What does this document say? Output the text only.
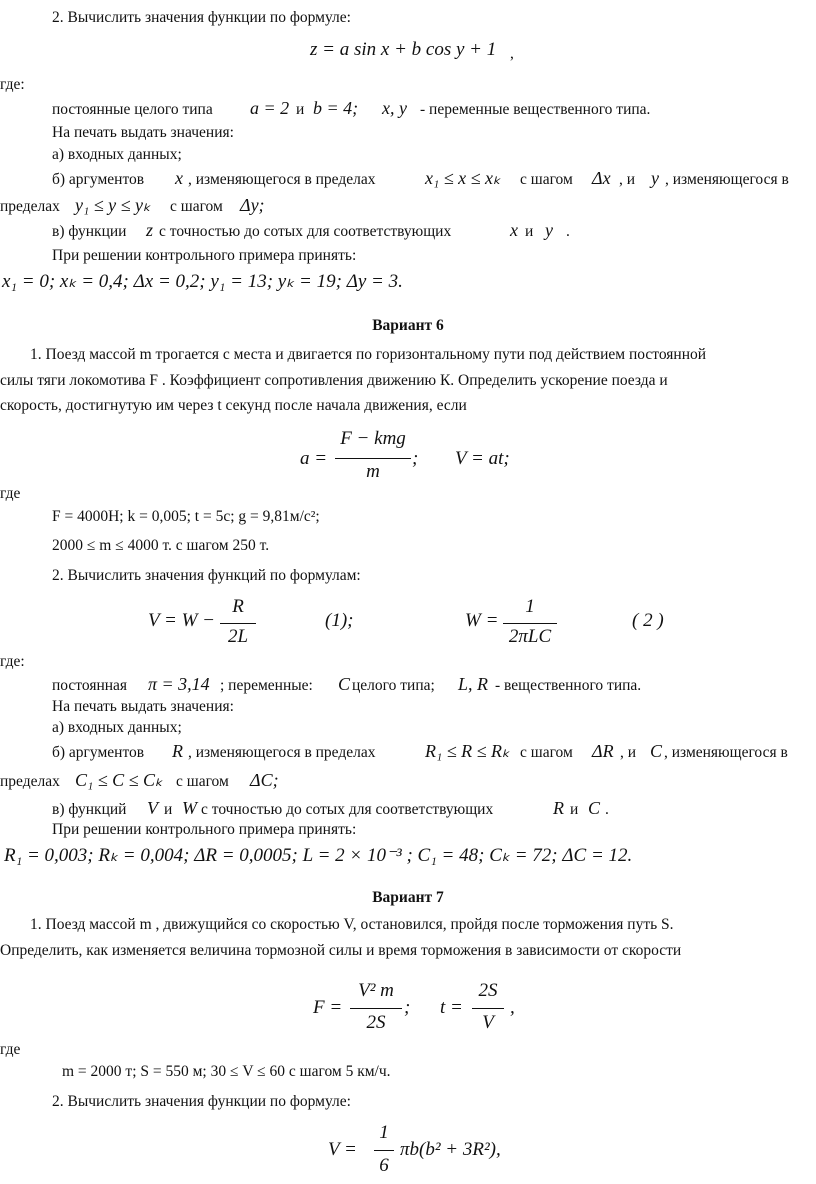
2. Вычислить значения функции по формуле:
z = a sin x + b cos y + 1 ,
где:
постоянные целого типа a = 2 и b = 4; x, y - переменные вещественного типа.
На печать выдать значения:
а) входных данных;
б) аргументов x , изменяющегося в пределах	x₁ ≤ x ≤ xₖ с шагом Δx , и y , изменяющегося в
пределах y₁ ≤ y ≤ yₖ с шагом Δy;
в) функции z с точностью до сотых для соответствующих	x и y .
При решении контрольного примера принять:
x₁ = 0; xₖ = 0,4; Δx = 0,2; y₁ = 13; yₖ = 19; Δy = 3.
Вариант 6
1. Поезд массой m трогается с места и двигается по горизонтальному пути под действием постоянной
силы тяги локомотива F . Коэффициент сопротивления движению К. Определить ускорение поезда и
скорость, достигнутую им через t секунд после начала движения, если
a =
F − kmg
m
; V = at;
где
F = 4000Н; k = 0,005; t = 5с; g = 9,81м/с²;
2000 ≤ m ≤ 4000 т. с шагом 250 т.
2. Вычислить значения функций по формулам:
V = W −
R
2L
(1);	W =
1
2πLC
( 2 )
где:
постоянная π = 3,14 ; переменные: C целого типа; L, R - вещественного типа.
На печать выдать значения:
а) входных данных;
б) аргументов R , изменяющегося в пределах	R₁ ≤ R ≤ Rₖ с шагом ΔR , и C , изменяющегося в
пределах C₁ ≤ C ≤ Cₖ с шагом ΔC;
в) функций V и W с точностью до сотых для соответствующих	R и C .
При решении контрольного примера принять:
R₁ = 0,003; Rₖ = 0,004; ΔR = 0,0005; L = 2 × 10⁻³ ; C₁ = 48; Cₖ = 72; ΔC = 12.
Вариант 7
1. Поезд массой m , движущийся со скоростью V, остановился, пройдя после торможения путь S.
Определить, как изменяется величина тормозной силы и время торможения в зависимости от скорости
F =
V² m
2S
; t =
2S
V
,
где
m = 2000 т; S = 550 м; 30 ≤ V ≤ 60 с шагом 5 км/ч.
2. Вычислить значения функции по формуле:
V =
1
6
πb(b² + 3R²),
